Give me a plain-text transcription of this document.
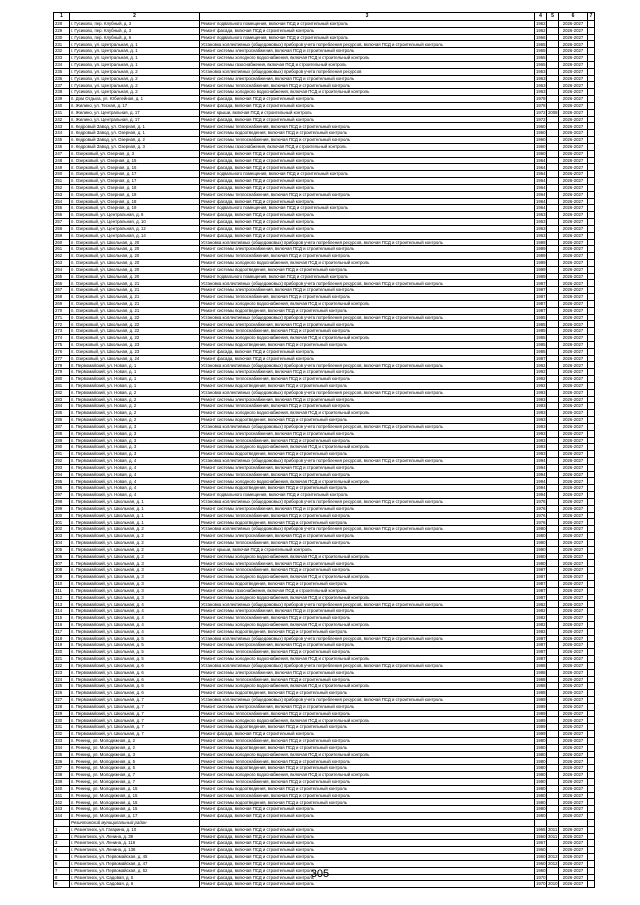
1	2	3	4	5	6	7
228	г. Гусиково, пер. Клубный, д. 3	Ремонт подвального помещения, включая ПСД и строительный контроль	1962		2026-2027	
229	г. Гусиково, пер. Клубный, д. 3	Ремонт фасада, включая ПСД и строительный контроль	1962		2026-2027	
230	г. Гусиково, пер. Клубный, д. 6	Ремонт подвального помещения, включая ПСД и строительный контроль	1966		2026-2027	
231	г. Гусиково, ул. Центральная, д. 1	Установка коллективных (общедомовых) приборов учета потребления ресурсов, включая ПСД и строительный контроль	1965		2026-2027	
232	г. Гусиково, ул. Центральная, д. 1	Ремонт системы электроснабжения, включая ПСД и строительный контроль	1965		2026-2027	
233	г. Гусиково, ул. Центральная, д. 1	Ремонт системы холодного водоснабжения, включая ПСД и строительный контроль	1965		2026-2027	
234	г. Гусиково, ул. Центральная, д. 1	Ремонт системы газоснабжения, включая ПСД и строительный контроль	1965		2026-2027	
235	г. Гусиково, ул. Центральная, д. 2	Установка коллективных (общедомовых) приборов учета потребления ресурсов	1963		2025-2027	
236	г. Гусиково, ул. Центральная, д. 2	Ремонт системы электроснабжения, включая ПСД и строительный контроль	1963		2026-2027	
237	г. Гусиково, ул. Центральная, д. 2	Ремонт системы теплоснабжения, включая ПСД и строительный контроль	1963		2026-2027	
238	г. Гусиково, ул. Центральная, д. 2	Ремонт системы холодного водоснабжения, включая ПСД и строительный контроль	1963		2026-2027	
239	п. Дом Отдыха, ул. Юбилейная, д. 1	Ремонт фасада, включая ПСД и строительный контроль	1978		2026-2027	
240	п. Жилино, ул. Тесная, д. 17	Ремонт фасада, включая ПСД и строительный контроль	1978		2026-2027	
241	п. Жилино, ул. Центральная, д. 17	Ремонт крыши, включая ПСД и строительный контроль	1972	2008	2026-2027	
242	п. Жилино, ул. Центральная, д. 17	Ремонт фасада, включая ПСД и строительный контроль	1972		2026-2027	
243	п. Кедровый Завод, ул. Озерная, д. 1	Ремонт системы теплоснабжения, включая ПСД и строительный контроль	1960		2026-2027	
244	п. Кедровый Завод, ул. Озерная, д. 1	Ремонт системы водоотведения, включая ПСД и строительный контроль	1960		2026-2027	
245	п. Кедровый Завод, ул. Озерная, д. 2	Ремонт системы теплоснабжения, включая ПСД и строительный контроль	1960		2026-2027	
246	п. Кедровый Завод, ул. Озерная, д. 3	Ремонт системы газоснабжения, включая ПСД и строительный контроль	1960		2026-2027	
247	п. Озерковый, ул. Озерная, д. 3	Ремонт фасада, включая ПСД и строительный контроль	1960		2026-2027	
248	п. Озерковый, ул. Озерная, д. 15	Ремонт фасада, включая ПСД и строительный контроль	1964		2026-2027	
249	п. Озерковый, ул. Озерная, д. 15	Ремонт фасада, включая ПСД и строительный контроль	1964		2026-2027	
250	п. Озерковый, ул. Озерная, д. 17	Ремонт подвального помещения, включая ПСД и строительный контроль	1964		2026-2027	
251	п. Озерковый, ул. Озерная, д. 17	Ремонт фасада, включая ПСД и строительный контроль	1964		2026-2027	
252	п. Озерковый, ул. Озерная, д. 18	Ремонт фасада, включая ПСД и строительный контроль	1964		2026-2027	
253	п. Озерковый, ул. Озерная, д. 18	Ремонт системы теплоснабжения, включая ПСД и строительный контроль	1964		2026-2027	
254	п. Озерковый, ул. Озерная, д. 18	Ремонт фасада, включая ПСД и строительный контроль	1964		2026-2027	
255	п. Озерковый, ул. Озерная, д. 19	Ремонт подвального помещения, включая ПСД и строительный контроль	1964		2026-2027	
256	п. Озерковый, ул. Центральная, д. 8	Ремонт фасада, включая ПСД и строительный контроль	1963		2026-2027	
257	п. Озерковый, ул. Центральная, д. 10	Ремонт фасада, включая ПСД и строительный контроль	1963		2026-2027	
258	п. Озерковый, ул. Центральная, д. 12	Ремонт фасада, включая ПСД и строительный контроль	1963		2026-2027	
259	п. Озерковый, ул. Центральная, д. 14	Ремонт фасада, включая ПСД и строительный контроль	1963		2026-2027	
260	п. Озерковый, ул. Школьная, д. 20	Установка коллективных (общедомовых) приборов учета потребления ресурсов, включая ПСД и строительный контроль	1989		2026-2027	
261	п. Озерковый, ул. Школьная, д. 20	Ремонт системы электроснабжения, включая ПСД и строительный контроль	1989		2026-2027	
262	п. Озерковый, ул. Школьная, д. 20	Ремонт системы теплоснабжения, включая ПСД и строительный контроль	1989		2026-2027	
263	п. Озерковый, ул. Школьная, д. 20	Ремонт системы холодного водоснабжения, включая ПСД и строительный контроль	1989		2026-2027	
264	п. Озерковый, ул. Школьная, д. 20	Ремонт системы водоотведения, включая ПСД и строительный контроль	1989		2026-2027	
265	п. Озерковый, ул. Школьная, д. 20	Ремонт подвального помещения, включая ПСД и строительный контроль	1989		2026-2027	
266	п. Озерковый, ул. Школьная, д. 21	Установка коллективных (общедомовых) приборов учета потребления ресурсов, включая ПСД и строительный контроль	1987		2026-2027	
267	п. Озерковый, ул. Школьная, д. 21	Ремонт системы электроснабжения, включая ПСД и строительный контроль	1987		2026-2027	
268	п. Озерковый, ул. Школьная, д. 21	Ремонт системы теплоснабжения, включая ПСД и строительный контроль	1987		2026-2027	
269	п. Озерковый, ул. Школьная, д. 21	Ремонт системы холодного водоснабжения, включая ПСД и строительный контроль	1987		2026-2027	
270	п. Озерковый, ул. Школьная, д. 21	Ремонт системы водоотведения, включая ПСД и строительный контроль	1987		2026-2027	
271	п. Озерковый, ул. Школьная, д. 22	Установка коллективных (общедомовых) приборов учета потребления ресурсов, включая ПСД и строительный контроль	1985		2026-2027	
272	п. Озерковый, ул. Школьная, д. 22	Ремонт системы электроснабжения, включая ПСД и строительный контроль	1985		2026-2027	
273	п. Озерковый, ул. Школьная, д. 22	Ремонт системы теплоснабжения, включая ПСД и строительный контроль	1985		2026-2027	
274	п. Озерковый, ул. Школьная, д. 22	Ремонт системы холодного водоснабжения, включая ПСД и строительный контроль	1985		2026-2027	
275	п. Озерковый, ул. Школьная, д. 23	Ремонт системы водоотведения, включая ПСД и строительный контроль	1985		2026-2027	
276	п. Озерковый, ул. Школьная, д. 23	Ремонт фасада, включая ПСД и строительный контроль	1985		2026-2027	
277	п. Озерковый, ул. Школьная, д. 24	Ремонт фасада, включая ПСД и строительный контроль	1987		2026-2027	
278	п. Первомайский, ул. Новая, д. 1	Установка коллективных (общедомовых) приборов учета потребления ресурсов, включая ПСД и строительный контроль	1992		2026-2027	
279	п. Первомайский, ул. Новая, д. 1	Ремонт системы электроснабжения, включая ПСД и строительный контроль	1992		2026-2027	
280	п. Первомайский, ул. Новая, д. 1	Ремонт системы теплоснабжения, включая ПСД и строительный контроль	1992		2026-2027	
281	п. Первомайский, ул. Новая, д. 1	Ремонт системы водоотведения, включая ПСД и строительный контроль	1992		2026-2027	
282	п. Первомайский, ул. Новая, д. 2	Установка коллективных (общедомовых) приборов учета потребления ресурсов, включая ПСД и строительный контроль	1993		2026-2027	
283	п. Первомайский, ул. Новая, д. 2	Ремонт системы электроснабжения, включая ПСД и строительный контроль	1993		2026-2027	
284	п. Первомайский, ул. Новая, д. 2	Ремонт системы теплоснабжения, включая ПСД и строительный контроль	1993		2026-2027	
285	п. Первомайский, ул. Новая, д. 2	Ремонт системы холодного водоснабжения, включая ПСД и строительный контроль	1993		2026-2027	
286	п. Первомайский, ул. Новая, д. 2	Ремонт системы водоотведения, включая ПСД и строительный контроль	1993		2026-2027	
287	п. Первомайский, ул. Новая, д. 3	Установка коллективных (общедомовых) приборов учета потребления ресурсов, включая ПСД и строительный контроль	1993		2026-2027	
288	п. Первомайский, ул. Новая, д. 3	Ремонт системы электроснабжения, включая ПСД и строительный контроль	1993		2026-2027	
289	п. Первомайский, ул. Новая, д. 3	Ремонт системы теплоснабжения, включая ПСД и строительный контроль	1993		2026-2027	
290	п. Первомайский, ул. Новая, д. 3	Ремонт системы холодного водоснабжения, включая ПСД и строительный контроль	1993		2026-2027	
291	п. Первомайский, ул. Новая, д. 3	Ремонт системы водоотведения, включая ПСД и строительный контроль	1993		2026-2027	
292	п. Первомайский, ул. Новая, д. 4	Установка коллективных (общедомовых) приборов учета потребления ресурсов, включая ПСД и строительный контроль	1994		2026-2027	
293	п. Первомайский, ул. Новая, д. 4	Ремонт системы электроснабжения, включая ПСД и строительный контроль	1994		2026-2027	
294	п. Первомайский, ул. Новая, д. 4	Ремонт системы теплоснабжения, включая ПСД и строительный контроль	1994		2026-2027	
295	п. Первомайский, ул. Новая, д. 4	Ремонт системы холодного водоснабжения, включая ПСД и строительный контроль	1994		2026-2027	
296	п. Первомайский, ул. Новая, д. 4	Ремонт системы водоотведения, включая ПСД и строительный контроль	1994		2026-2027	
297	п. Первомайский, ул. Новая, д. 4	Ремонт подвального помещения, включая ПСД и строительный контроль	1994		2026-2027	
298	п. Первомайский, ул. Школьная, д. 1	Установка коллективных (общедомовых) приборов учета потребления ресурсов, включая ПСД и строительный контроль	1976		2026-2027	
299	п. Первомайский, ул. Школьная, д. 1	Ремонт системы электроснабжения, включая ПСД и строительный контроль	1976		2026-2027	
300	п. Первомайский, ул. Школьная, д. 1	Ремонт системы теплоснабжения, включая ПСД и строительный контроль	1976		2026-2027	
301	п. Первомайский, ул. Школьная, д. 1	Ремонт системы водоотведения, включая ПСД и строительный контроль	1976		2026-2027	
302	п. Первомайский, ул. Школьная, д. 2	Установка коллективных (общедомовых) приборов учета потребления ресурсов, включая ПСД и строительный контроль	1980		2026-2027	
303	п. Первомайский, ул. Школьная, д. 2	Ремонт системы электроснабжения, включая ПСД и строительный контроль	1980		2026-2027	
304	п. Первомайский, ул. Школьная, д. 2	Ремонт системы теплоснабжения, включая ПСД и строительный контроль	1980		2026-2027	
305	п. Первомайский, ул. Школьная, д. 2	Ремонт крыши, включая ПСД и строительный контроль	1980		2026-2027	
306	п. Первомайский, ул. Школьная, д. 2	Ремонт системы холодного водоснабжения, включая ПСД и строительный контроль	1980		2026-2027	
307	п. Первомайский, ул. Школьная, д. 3	Ремонт системы электроснабжения, включая ПСД и строительный контроль	1980		2026-2027	
308	п. Первомайский, ул. Школьная, д. 3	Ремонт системы теплоснабжения, включая ПСД и строительный контроль	1987		2026-2027	
309	п. Первомайский, ул. Школьная, д. 3	Ремонт системы холодного водоснабжения, включая ПСД и строительный контроль	1987		2026-2027	
310	п. Первомайский, ул. Школьная, д. 3	Ремонт системы водоотведения, включая ПСД и строительный контроль	1987		2026-2027	
311	п. Первомайский, ул. Школьная, д. 3	Ремонт системы газоснабжения, включая ПСД и строительный контроль	1987		2026-2027	
312	п. Первомайский, ул. Школьная, д. 3	Ремонт системы холодного водоснабжения, включая ПСД и строительный контроль	1987		2026-2027	
313	п. Первомайский, ул. Школьная, д. 4	Установка коллективных (общедомовых) приборов учета потребления ресурсов, включая ПСД и строительный контроль	1982		2026-2027	
314	п. Первомайский, ул. Школьная, д. 4	Ремонт системы электроснабжения, включая ПСД и строительный контроль	1982		2026-2027	
315	п. Первомайский, ул. Школьная, д. 4	Ремонт системы теплоснабжения, включая ПСД и строительный контроль	1982		2026-2027	
316	п. Первомайский, ул. Школьная, д. 4	Ремонт системы холодного водоснабжения, включая ПСД и строительный контроль	1982		2026-2027	
317	п. Первомайский, ул. Школьная, д. 4	Ремонт системы водоотведения, включая ПСД и строительный контроль	1982		2026-2027	
318	п. Первомайский, ул. Школьная, д. 5	Установка коллективных (общедомовых) приборов учета потребления ресурсов, включая ПСД и строительный контроль	1987		2026-2027	
319	п. Первомайский, ул. Школьная, д. 5	Ремонт системы электроснабжения, включая ПСД и строительный контроль	1987		2026-2027	
320	п. Первомайский, ул. Школьная, д. 5	Ремонт системы теплоснабжения, включая ПСД и строительный контроль	1987		2026-2027	
321	п. Первомайский, ул. Школьная, д. 5	Ремонт системы холодного водоснабжения, включая ПСД и строительный контроль	1987		2026-2027	
322	п. Первомайский, ул. Школьная, д. 6	Установка коллективных (общедомовых) приборов учета потребления ресурсов, включая ПСД и строительный контроль	1988		2026-2027	
323	п. Первомайский, ул. Школьная, д. 6	Ремонт системы электроснабжения, включая ПСД и строительный контроль	1988		2026-2027	
324	п. Первомайский, ул. Школьная, д. 6	Ремонт системы теплоснабжения, включая ПСД и строительный контроль	1988		2026-2027	
325	п. Первомайский, ул. Школьная, д. 6	Ремонт системы холодного водоснабжения, включая ПСД и строительный контроль	1988		2026-2027	
326	п. Первомайский, ул. Школьная, д. 6	Ремонт системы водоотведения, включая ПСД и строительный контроль	1988		2026-2027	
327	п. Первомайский, ул. Школьная, д. 7	Установка коллективных (общедомовых) приборов учета потребления ресурсов, включая ПСД и строительный контроль	1989		2026-2027	
328	п. Первомайский, ул. Школьная, д. 7	Ремонт системы электроснабжения, включая ПСД и строительный контроль	1989		2026-2027	
329	п. Первомайский, ул. Школьная, д. 7	Ремонт системы теплоснабжения, включая ПСД и строительный контроль	1989		2026-2027	
330	п. Первомайский, ул. Школьная, д. 7	Ремонт системы холодного водоснабжения, включая ПСД и строительный контроль	1989		2026-2027	
331	п. Первомайский, ул. Школьная, д. 7	Ремонт системы водоотведения, включая ПСД и строительный контроль	1989		2026-2027	
332	п. Первомайский, ул. Школьная, д. 7	Ремонт фасада, включая ПСД и строительный контроль	1989		2026-2027	
333	п. Ренинд, ул. Молодежная, д. 2	Ремонт системы теплоснабжения, включая ПСД и строительный контроль	1980		2026-2027	
334	п. Ренинд, ул. Молодежная, д. 2	Ремонт системы водоотведения, включая ПСД и строительный контроль	1980		2026-2027	
335	п. Ренинд, ул. Молодежная, д. 3	Ремонт системы холодного водоснабжения, включая ПСД и строительный контроль	1980		2026-2027	
336	п. Ренинд, ул. Молодежная, д. 5	Ремонт системы теплоснабжения, включая ПСД и строительный контроль	1980		2026-2027	
337	п. Ренинд, ул. Молодежная, д. 5	Ремонт системы водоотведения, включая ПСД и строительный контроль	1980		2026-2027	
338	п. Ренинд, ул. Молодежная, д. 7	Ремонт системы холодного водоснабжения, включая ПСД и строительный контроль	1980		2026-2027	
339	п. Ренинд, ул. Молодежная, д. 7	Ремонт системы теплоснабжения, включая ПСД и строительный контроль	1980		2026-2027	
340	п. Ренинд, ул. Молодежная, д. 15	Ремонт системы водоотведения, включая ПСД и строительный контроль	1980		2026-2027	
341	п. Ренинд, ул. Молодежная, д. 15	Ремонт системы теплоснабжения, включая ПСД и строительный контроль	1980		2026-2027	
342	п. Ренинд, ул. Молодежная, д. 15	Ремонт системы водоотведения, включая ПСД и строительный контроль	1980		2026-2027	
343	п. Ренинд, ул. Молодежная, д. 15	Ремонт фасада, включая ПСД и строительный контроль	1980		2026-2027	
344	п. Ренинд, ул. Молодежная, д. 17	Ремонт фасада, включая ПСД и строительный контроль	1980		2026-2027	
	Резинтинский муниципальный район					
1	г. Резинтинск, ул. Гагарина, д. 10	Ремонт фасада, включая ПСД и строительный контроль	1965	2011	2026-2027	
2	г. Резинтинск, ул. Ленина, д. 39	Ремонт фасада, включая ПСД и строительный контроль	1960	2011	2026-2027	
3	г. Резинтинск, ул. Ленина, д. 118	Ремонт фасада, включая ПСД и строительный контроль	1967		2026-2027	
4	г. Резинтинск, ул. Ленина, д. 138	Ремонт фасада, включая ПСД и строительный контроль	1960		2026-2027	
5	г. Резинтинск, ул. Первомайская, д. 45	Ремонт фасада, включая ПСД и строительный контроль	1960	2012	2026-2027	
6	г. Резинтинск, ул. Первомайская, д. 47	Ремонт фасада, включая ПСД и строительный контроль	1960	2012	2026-2027	
7	г. Резинтинск, ул. Первомайская, д. 52	Ремонт фасада, включая ПСД и строительный контроль	1960		2026-2027	
8	г. Резинтинск, ул. Садовая, д. 5	Ремонт фасада, включая ПСД и строительный контроль	1970		2026-2027	
9	г. Резинтинск, ул. Садовая, д. 6	Ремонт фасада, включая ПСД и строительный контроль	1970	2010	2026-2027	
305
